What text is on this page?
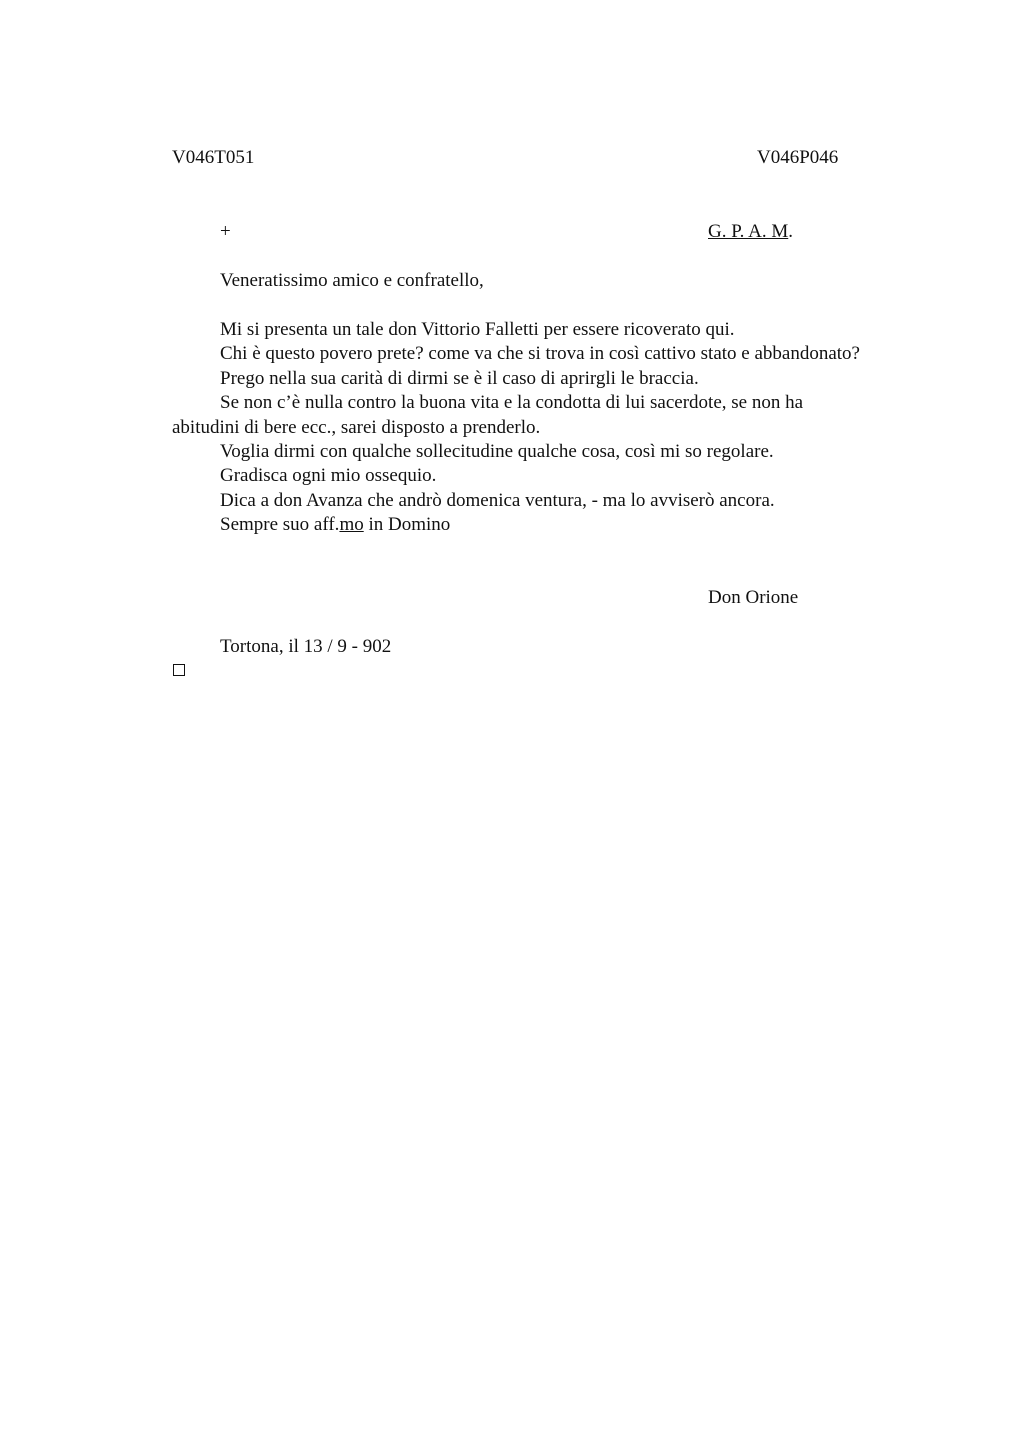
V046T051	V046P046
+	G. P. A. M.
Veneratissimo amico e confratello,

Mi si presenta un tale don Vittorio Falletti per essere ricoverato qui.

Chi è questo povero prete? come va che si trova in così cattivo stato e abbandonato?

Prego nella sua carità di dirmi se è il caso di aprirgli le braccia.

Se non c’è nulla contro la buona vita e la condotta di lui sacerdote, se non ha abitudini di bere ecc., sarei disposto a prenderlo.

Voglia dirmi con qualche sollecitudine qualche cosa, così mi so regolare.

Gradisca ogni mio ossequio.

Dica a don Avanza che andrò domenica ventura, - ma lo avviserò ancora.

Sempre suo aff.mo in Domino

Don Orione
Tortona, il 13 / 9 - 902
